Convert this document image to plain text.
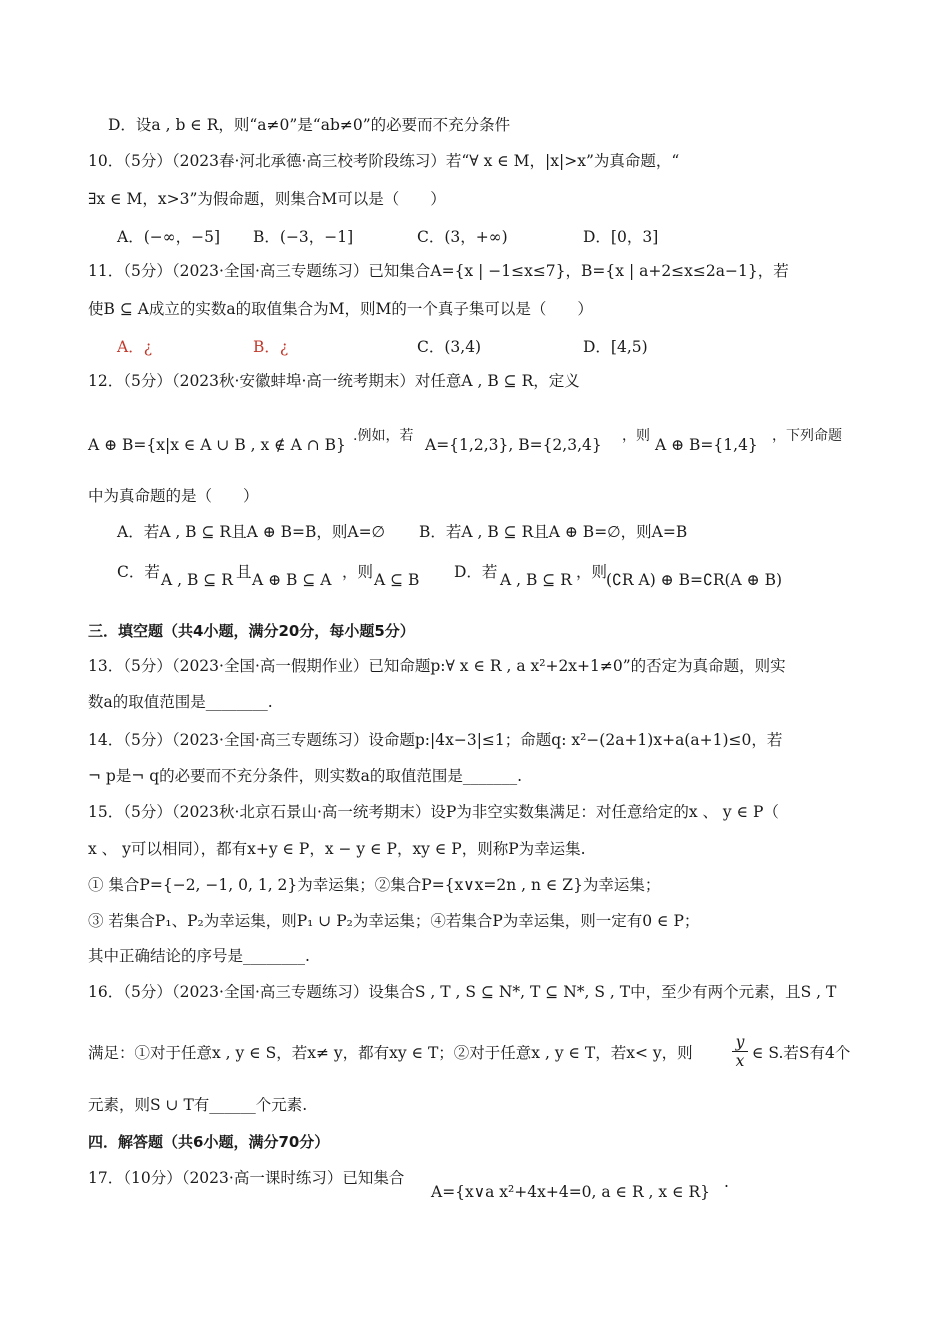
D．设a , b ∈ R，则“a≠0”是“ab≠0”的必要而不充分条件
10．（5分）（2023春·河北承德·高三校考阶段练习）若“∀ x ∈ M，|x|>x”为真命题，“
∃x ∈ M，x>3”为假命题，则集合M可以是（　　）
A．(−∞，−5] B．(−3，−1]	C．(3，+∞)	D．[0，3]
11．（5分）（2023·全国·高三专题练习）已知集合A={x | −1≤x≤7}，B={x | a+2≤x≤2a−1}，若
使B ⊆ A成立的实数a的取值集合为M，则M的一个真子集可以是（　　）
A．¿	B．¿	C．(3,4)	D．[4,5)
12．（5分）（2023秋·安徽蚌埠·高一统考期末）对任意A , B ⊆ R，定义
A ⊕ B={x|x ∈ A ∪ B , x ∉ A ∩ B} .例如，若 A={1,2,3}, B={2,3,4} ，则 A ⊕ B={1,4} ，下列命题
中为真命题的是（　　）
A．若A , B ⊆ R且A ⊕ B=B，则A=∅ B．若A , B ⊆ R且A ⊕ B=∅，则A=B
C．若 A , B ⊆ R 且 A ⊕ B ⊆ A ，则 A ⊆ B D．若 A , B ⊆ R ，则
(∁R A) ⊕ B=∁R(A ⊕ B)
三．填空题（共4小题，满分20分，每小题5分）
13．（5分）（2023·全国·高一假期作业）已知命题p:∀ x ∈ R , a x²+2x+1≠0”的否定为真命题，则实
数a的取值范围是________.
14．（5分）（2023·全国·高三专题练习）设命题p:|4x−3|≤1；命题q: x²−(2a+1)x+a(a+1)≤0，若
¬ p是¬ q的必要而不充分条件，则实数a的取值范围是_______.
15．（5分）（2023秋·北京石景山·高一统考期末）设P为非空实数集满足：对任意给定的x 、 y ∈ P（
x 、 y可以相同），都有x+y ∈ P，x − y ∈ P，xy ∈ P，则称P为幸运集.
① 集合P={−2, −1, 0, 1, 2}为幸运集；②集合P={x∨x=2n , n ∈ Z}为幸运集；
③ 若集合P₁、P₂为幸运集，则P₁ ∪ P₂为幸运集；④若集合P为幸运集，则一定有0 ∈ P；
其中正确结论的序号是________.
16．（5分）（2023·全国·高三专题练习）设集合S , T , S ⊆ N*, T ⊆ N*, S , T中，至少有两个元素，且S , T
满足：①对于任意x , y ∈ S，若x≠ y，都有xy ∈ T；②对于任意x , y ∈ T，若x< y，则	$\frac{y}{x}$ ∈ S.若S有4个
元素，则S ∪ T有______个元素.
四．解答题（共6小题，满分70分）
17．（10分）（2023·高一课时练习）已知集合
A={x∨a x²+4x+4=0, a ∈ R , x ∈ R}
.
